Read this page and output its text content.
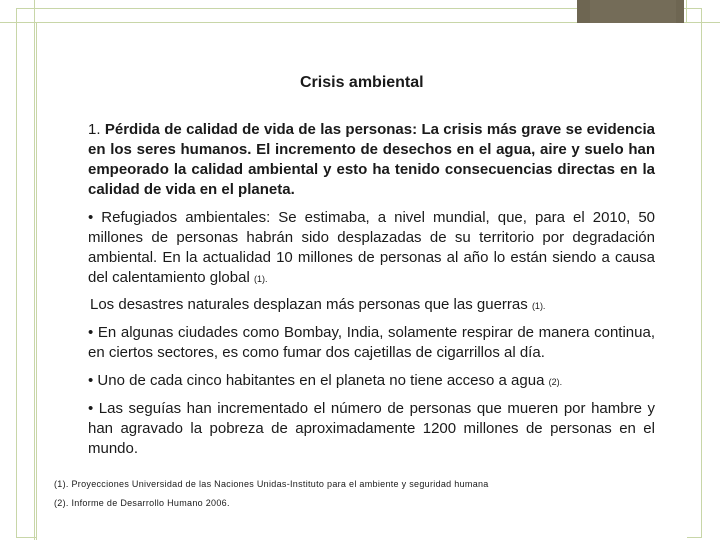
Crisis ambiental

1. Pérdida de calidad de vida de las personas: La crisis más grave se evidencia en los seres humanos. El incremento de desechos en el agua, aire y suelo han empeorado la calidad ambiental y esto ha tenido consecuencias directas en la calidad de vida en el planeta.

• Refugiados ambientales: Se estimaba, a nivel mundial, que, para el 2010, 50 millones de personas habrán sido desplazadas de su territorio por degradación ambiental. En la actualidad 10 millones de personas al año lo están siendo a causa del calentamiento global (1).

Los desastres naturales desplazan más personas que las guerras (1).

• En algunas ciudades como Bombay, India, solamente respirar de manera continua, en ciertos sectores, es como fumar dos cajetillas de cigarrillos al día.

• Uno de cada cinco habitantes en el planeta no tiene acceso a agua (2).

• Las seguías han incrementado el número de personas que mueren por hambre y han agravado la pobreza de aproximadamente 1200 millones de personas en el mundo.

(1). Proyecciones Universidad de las Naciones Unidas-Instituto para el ambiente y seguridad humana
(2). Informe de Desarrollo Humano 2006.
